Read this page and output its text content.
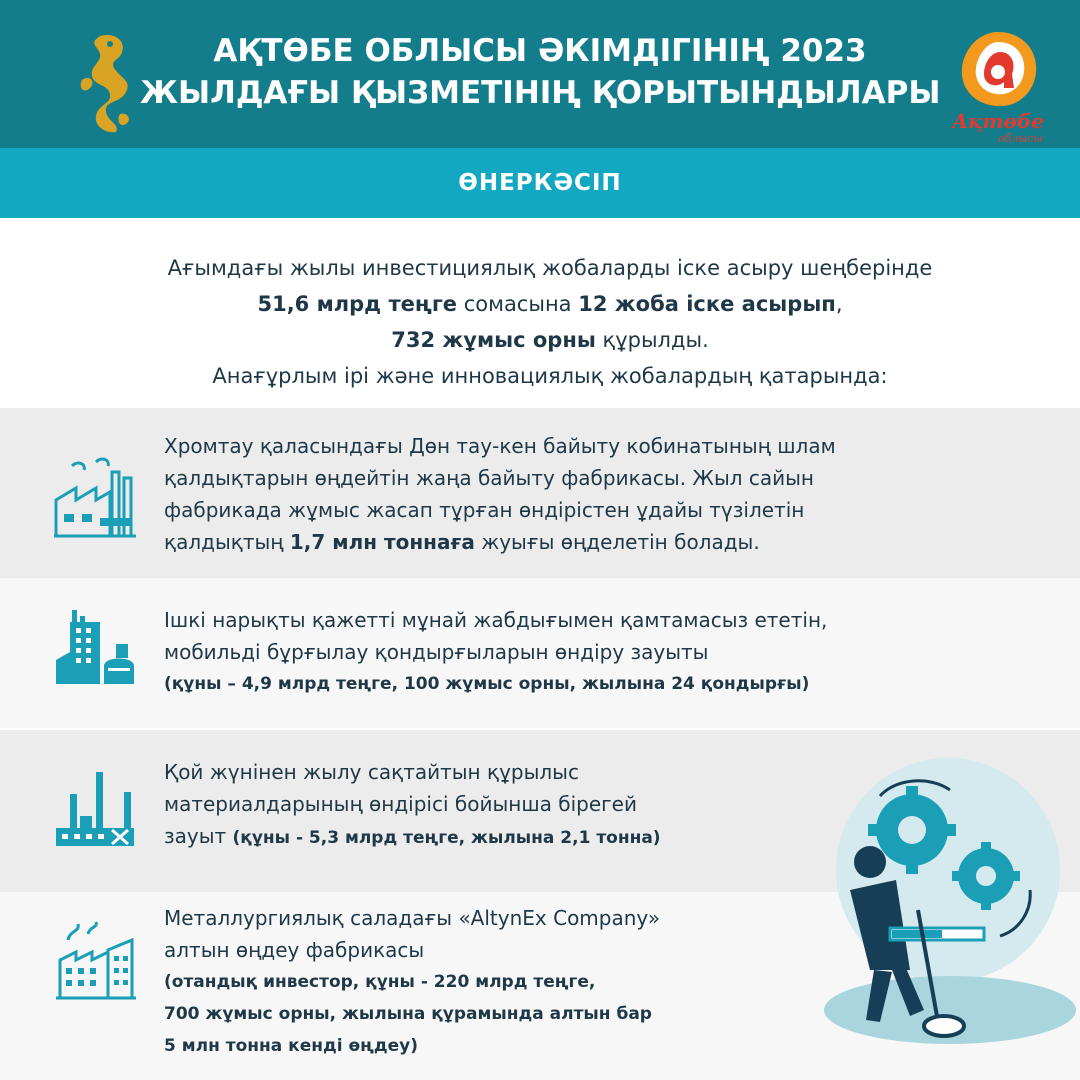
АҚТӨБЕ ОБЛЫСЫ ӘКІМДІГІНІҢ 2023
ЖЫЛДАҒЫ ҚЫЗМЕТІНІҢ ҚОРЫТЫНДЫЛАРЫ
Ақтөбе
облысы
ӨНЕРКӘСІП
Ағымдағы жылы инвестициялық жобаларды іске асыру шеңберінде
51,6 млрд теңге сомасына 12 жоба іске асырып,
732 жұмыс орны құрылды.
Анағұрлым ірі және инновациялық жобалардың қатарында:
Хромтау қаласындағы Дөн тау-кен байыту кобинатының шлам
қалдықтарын өңдейтін жаңа байыту фабрикасы. Жыл сайын
фабрикада жұмыс жасап тұрған өндірістен ұдайы түзілетін
қалдықтың 1,7 млн тоннаға жуығы өңделетін болады.
Ішкі нарықты қажетті мұнай жабдығымен қамтамасыз ететін,
мобильді бұрғылау қондырғыларын өндіру зауыты
(құны – 4,9 млрд теңге, 100 жұмыс орны, жылына 24 қондырғы)
Қой жүнінен жылу сақтайтын құрылыс
материалдарының өндірісі бойынша бірегей
зауыт (құны - 5,3 млрд теңге, жылына 2,1 тонна)
Металлургиялық саладағы «AltynEx Company»
алтын өңдеу фабрикасы
(отандық инвестор, құны - 220 млрд теңге,
700 жұмыс орны, жылына құрамында алтын бар
5 млн тонна кенді өңдеу)
